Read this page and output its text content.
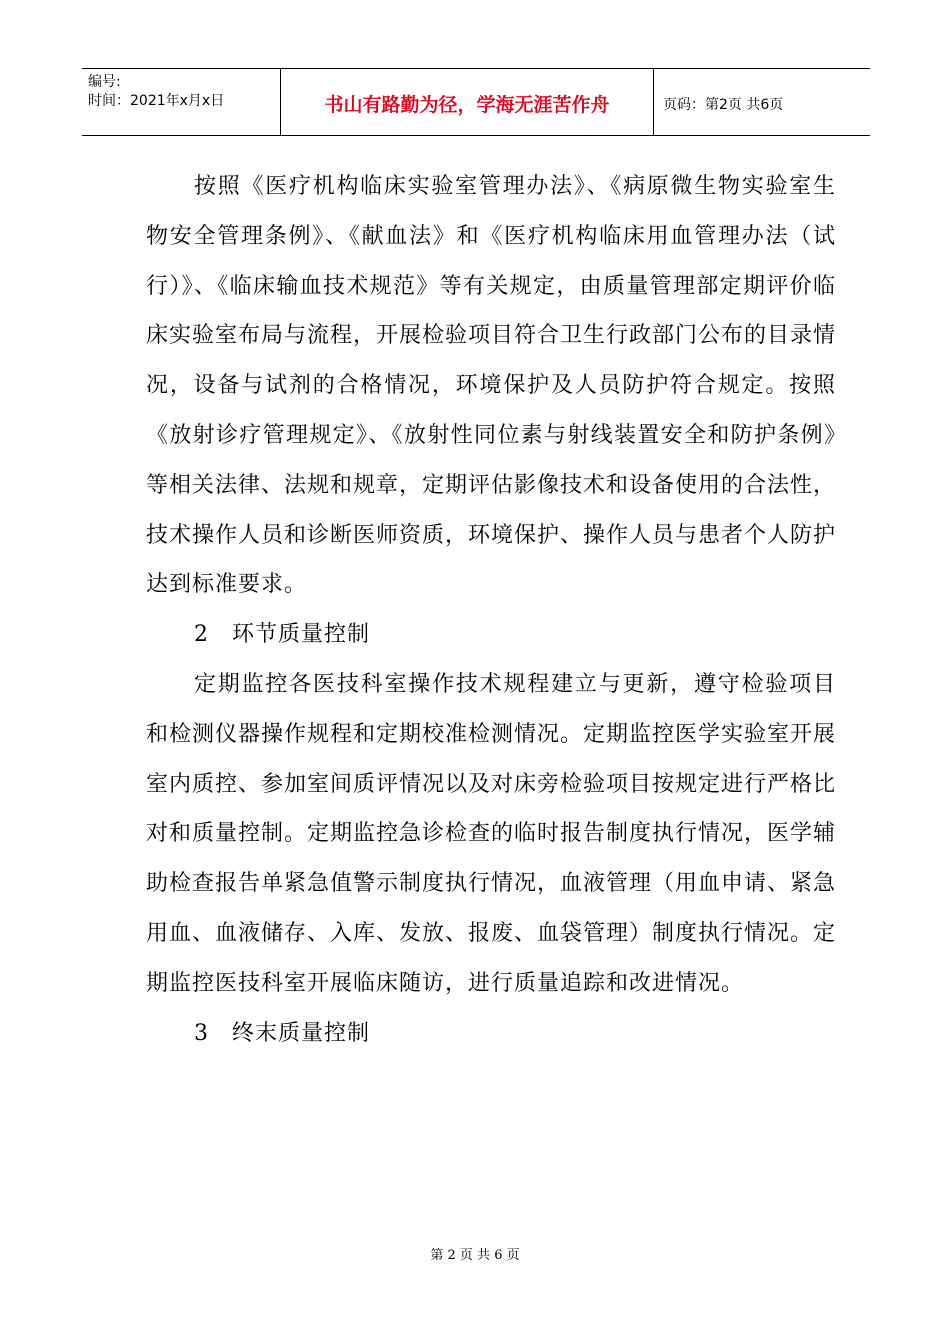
编号:
时间：2021年x月x日	书山有路勤为径，学海无涯苦作舟	页码：第2页 共6页

按照《医疗机构临床实验室管理办法》、《病原微生物实验室生物安全管理条例》、《献血法》和《医疗机构临床用血管理办法（试行）》、《临床输血技术规范》等有关规定，由质量管理部定期评价临床实验室布局与流程，开展检验项目符合卫生行政部门公布的目录情况，设备与试剂的合格情况，环境保护及人员防护符合规定。按照《放射诊疗管理规定》、《放射性同位素与射线装置安全和防护条例》等相关法律、法规和规章，定期评估影像技术和设备使用的合法性，技术操作人员和诊断医师资质，环境保护、操作人员与患者个人防护达到标准要求。

2 环节质量控制

定期监控各医技科室操作技术规程建立与更新，遵守检验项目和检测仪器操作规程和定期校准检测情况。定期监控医学实验室开展室内质控、参加室间质评情况以及对床旁检验项目按规定进行严格比对和质量控制。定期监控急诊检查的临时报告制度执行情况，医学辅助检查报告单紧急值警示制度执行情况，血液管理（用血申请、紧急用血、血液储存、入库、发放、报废、血袋管理）制度执行情况。定期监控医技科室开展临床随访，进行质量追踪和改进情况。

3 终末质量控制

第 2 页 共 6 页
